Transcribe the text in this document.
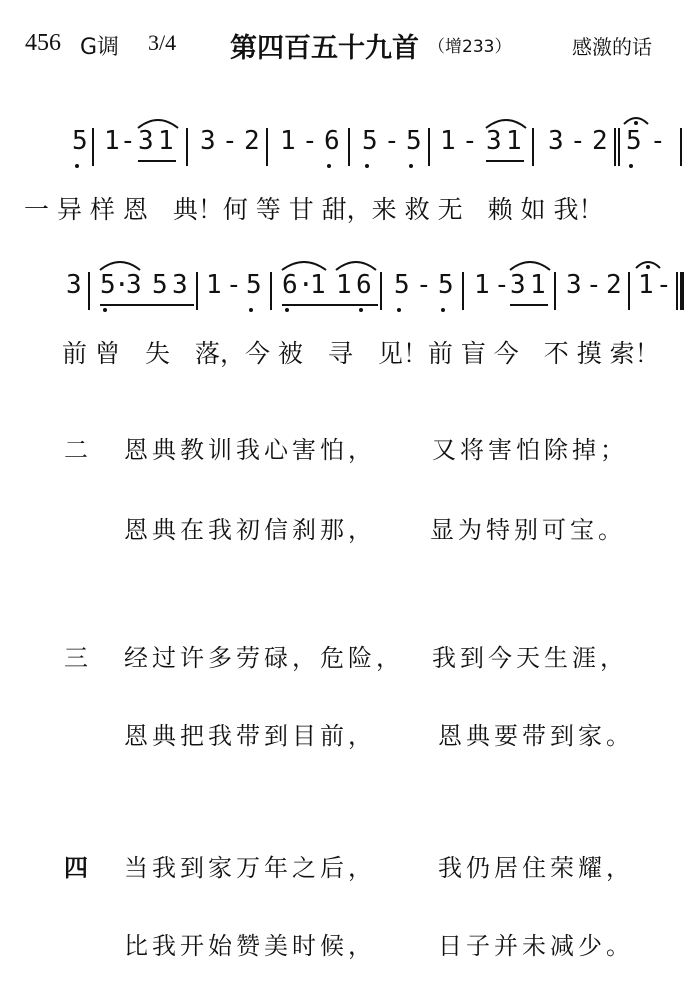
456 G调 3/4 第四百五十九首 （增233）	感激的话
5 1 - 3 1 3 - 2 1 - 6 5 - 5 1 - 3 1 3 - 2 5 -
一 异 样 恩　典！何 等 甘 甜，来 救 无　赖 如 我！
3 5
·
3 5 3 1 - 5 6 ·
1 1 6 5 - 5 1 - 3 1 3 - 2 1 -
前 曾　失　落，今 被　寻　见！前 盲 今　不 摸 索！
二 恩典教训我心害怕， 又将害怕除掉；
恩典在我初信刹那， 显为特别可宝。
三 经过许多劳碌，危险， 我到今天生涯，
恩典把我带到目前，	恩典要带到家。
四 当我到家万年之后，	我仍居住荣耀，
比我开始赞美时候，	日子并未减少。
